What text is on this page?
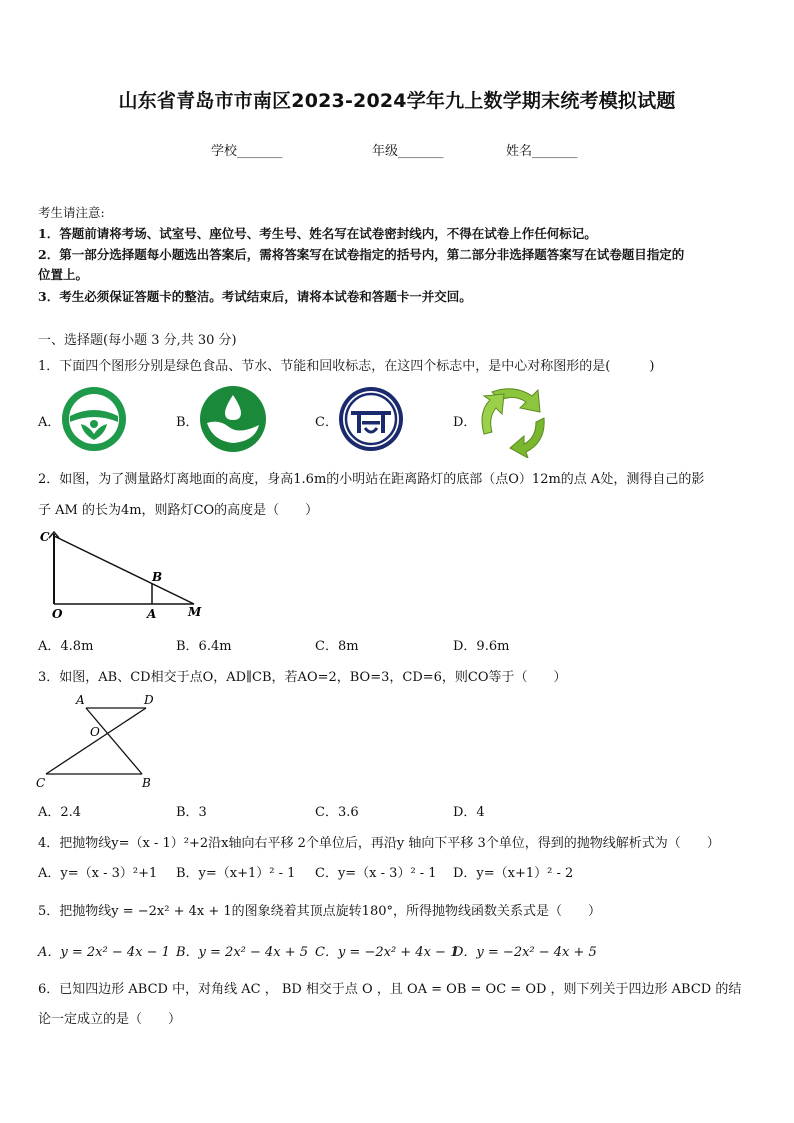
山东省青岛市市南区2023-2024学年九上数学期末统考模拟试题
学校_______	年级_______	姓名_______
考生请注意:
1．答题前请将考场、试室号、座位号、考生号、姓名写在试卷密封线内，不得在试卷上作任何标记。
2．第一部分选择题每小题选出答案后，需将答案写在试卷指定的括号内，第二部分非选择题答案写在试卷题目指定的
位置上。
3．考生必须保证答题卡的整洁。考试结束后，请将本试卷和答题卡一并交回。
一、选择题(每小题 3 分,共 30 分)
1．下面四个图形分别是绿色食品、节水、节能和回收标志，在这四个标志中，是中心对称图形的是(　　　)
A．	B．	C．	D．
2．如图，为了测量路灯离地面的高度，身高1.6m的小明站在距离路灯的底部（点O）12m的点 A处，测得自己的影
子 AM 的长为4m，则路灯CO的高度是（　　）
C
B
O	A	M
A．4.8m	B．6.4m	C．8m	D．9.6m
3．如图，AB、CD相交于点O，AD∥CB，若AO=2，BO=3，CD=6，则CO等于（　　）
A	D
O
C	B
A．2.4	B．3	C．3.6	D．4
4．把抛物线y=（x - 1）²+2沿x轴向右平移 2个单位后，再沿y 轴向下平移 3个单位，得到的抛物线解析式为（　　）
A．y=（x - 3）²+1 B．y=（x+1）² - 1 C．y=（x - 3）² - 1 D．y=（x+1）² - 2
5．把抛物线y = −2x² + 4x + 1的图象绕着其顶点旋转180°，所得抛物线函数关系式是（　　）
A．y = 2x² − 4x − 1 B．y = 2x² − 4x + 5 C．y = −2x² + 4x − 1
D．y = −2x² − 4x + 5
6．已知四边形 ABCD 中，对角线 AC ， BD 相交于点 O ，且 OA = OB = OC = OD ，则下列关于四边形 ABCD 的结
论一定成立的是（　　）
